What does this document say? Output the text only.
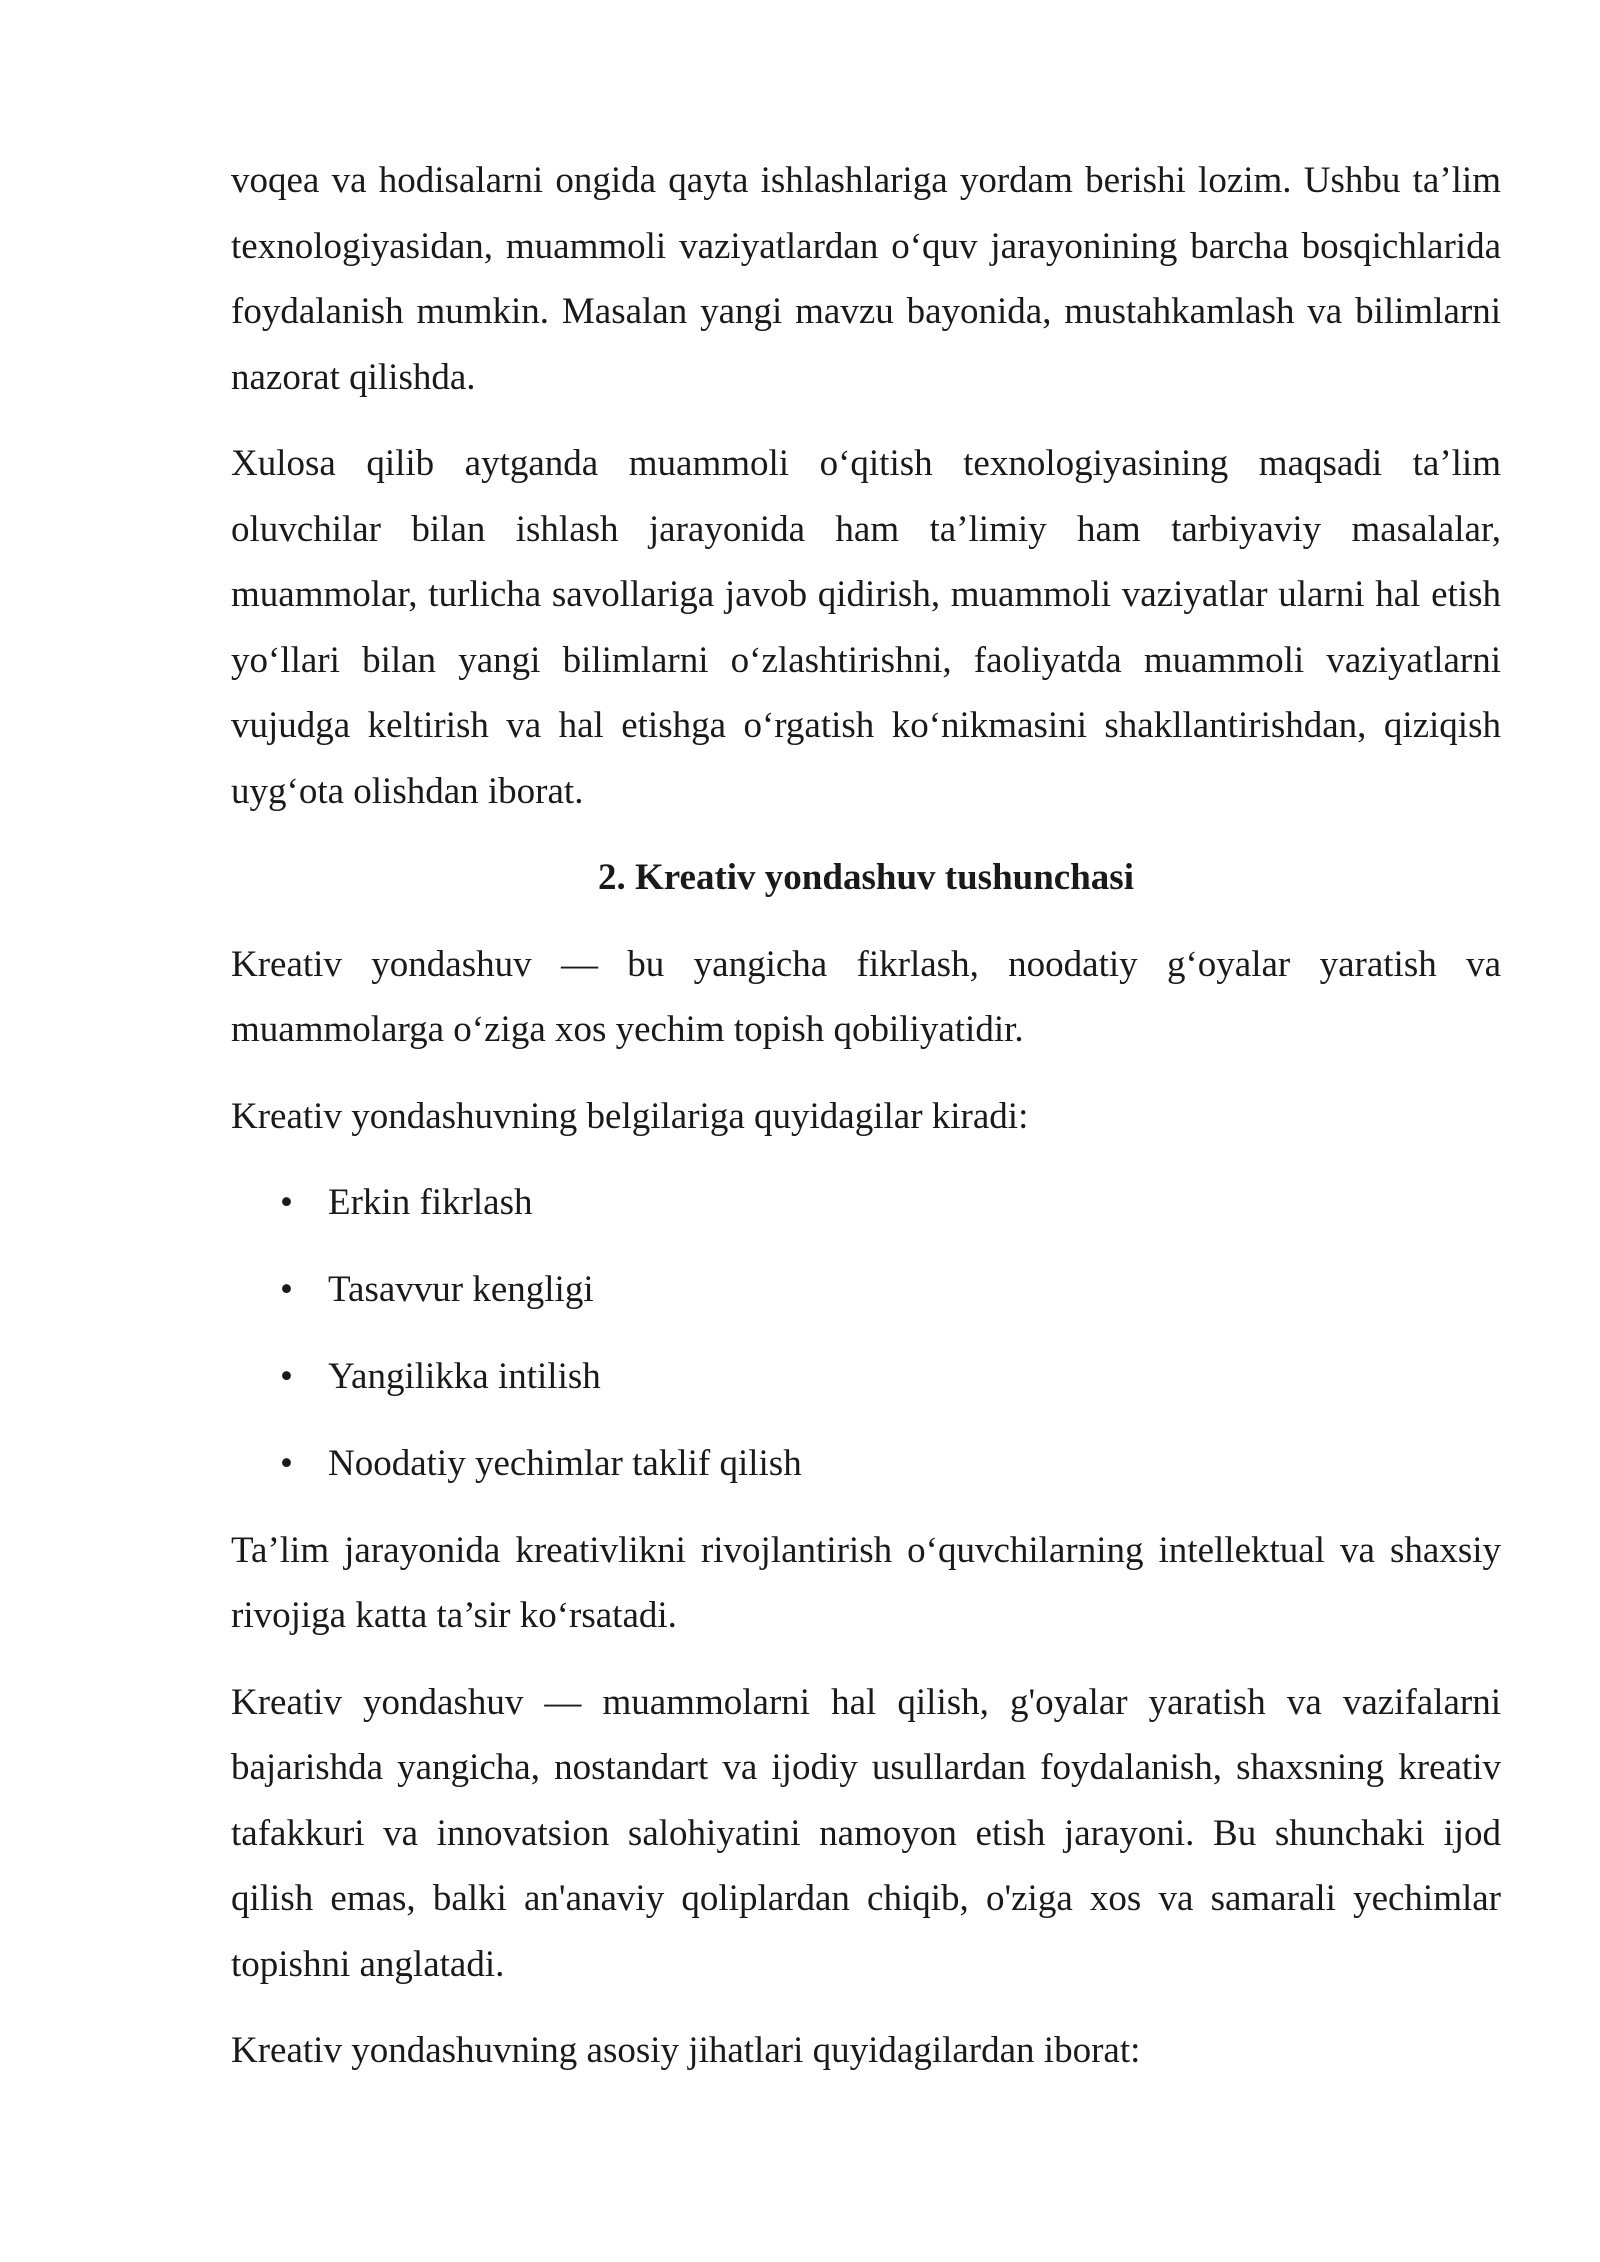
voqea va hodisalarni ongida qayta ishlashlariga yordam berishi lozim. Ushbu ta’lim texnologiyasidan, muammoli vaziyatlardan o‘quv jarayonining barcha bosqichlarida foydalanish mumkin. Masalan yangi mavzu bayonida, mustahkamlash va bilimlarni nazorat qilishda.

Xulosa qilib aytganda muammoli o‘qitish texnologiyasining maqsadi ta’lim oluvchilar bilan ishlash jarayonida ham ta’limiy ham tarbiyaviy masalalar, muammolar, turlicha savollariga javob qidirish, muammoli vaziyatlar ularni hal etish yo‘llari bilan yangi bilimlarni o‘zlashtirishni, faoliyatda muammoli vaziyatlarni vujudga keltirish va hal etishga o‘rgatish ko‘nikmasini shakllantirishdan, qiziqish uyg‘ota olishdan iborat.

2. Kreativ yondashuv tushunchasi

Kreativ yondashuv — bu yangicha fikrlash, noodatiy g‘oyalar yaratish va muammolarga o‘ziga xos yechim topish qobiliyatidir.

Kreativ yondashuvning belgilariga quyidagilar kiradi:

• Erkin fikrlash
• Tasavvur kengligi
• Yangilikka intilish
• Noodatiy yechimlar taklif qilish

Ta’lim jarayonida kreativlikni rivojlantirish o‘quvchilarning intellektual va shaxsiy rivojiga katta ta’sir ko‘rsatadi.

Kreativ yondashuv — muammolarni hal qilish, g'oyalar yaratish va vazifalarni bajarishda yangicha, nostandart va ijodiy usullardan foydalanish, shaxsning kreativ tafakkuri va innovatsion salohiyatini namoyon etish jarayoni. Bu shunchaki ijod qilish emas, balki an'anaviy qoliplardan chiqib, o'ziga xos va samarali yechimlar topishni anglatadi.

Kreativ yondashuvning asosiy jihatlari quyidagilardan iborat:
